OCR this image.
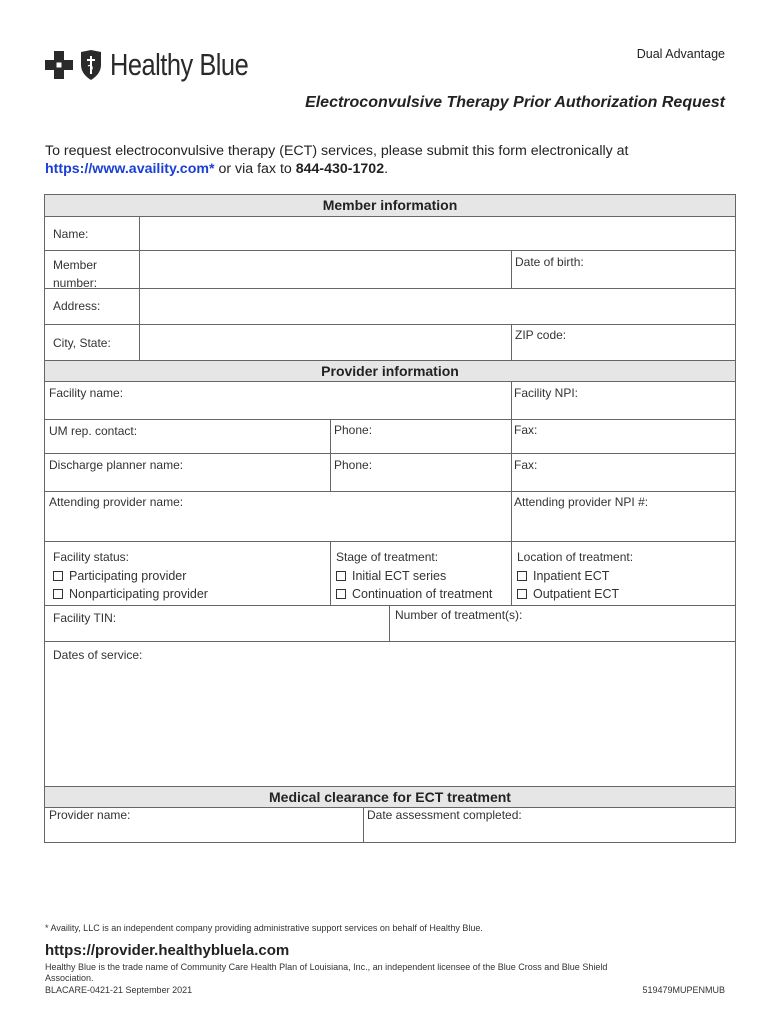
Healthy Blue	Dual Advantage
Electroconvulsive Therapy Prior Authorization Request
To request electroconvulsive therapy (ECT) services, please submit this form electronically at
https://www.availity.com* or via fax to 844-430-1702.
Member information
Name:
Member number:
Date of birth:
Address:
City, State:
ZIP code:
Provider information
Facility name:	Facility NPI:
UM rep. contact:	Phone:	Fax:
Discharge planner name:	Phone:	Fax:
Attending provider name:	Attending provider NPI #:
Facility status:
Participating provider
Nonparticipating provider
Stage of treatment:
Initial ECT series
Continuation of treatment
Location of treatment:
Inpatient ECT
Outpatient ECT
Facility TIN:	Number of treatment(s):
Dates of service:
Medical clearance for ECT treatment
Provider name:	Date assessment completed:
* Availity, LLC is an independent company providing administrative support services on behalf of Healthy Blue.
https://provider.healthybluela.com
Healthy Blue is the trade name of Community Care Health Plan of Louisiana, Inc., an independent licensee of the Blue Cross and Blue Shield Association.
BLACARE-0421-21 September 2021	519479MUPENMUB
